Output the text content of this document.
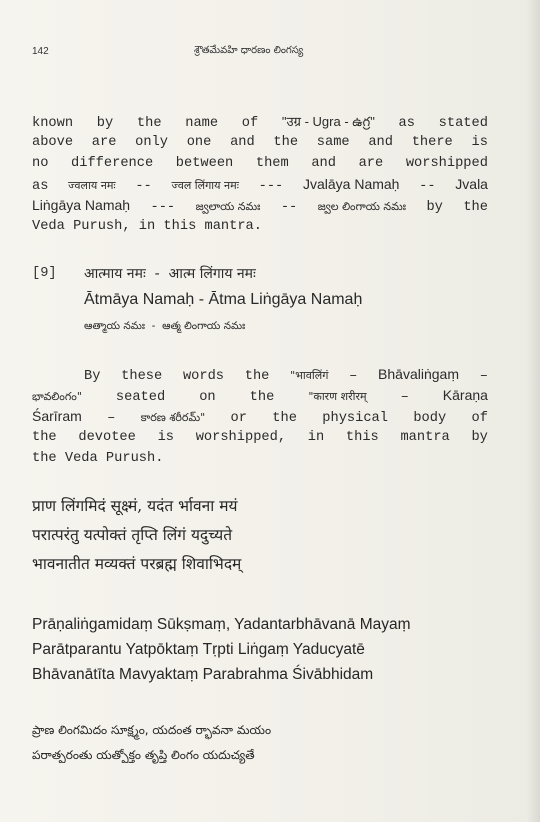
142	శ్రౌతమేవహి ధారణం లింగస్య
known by the name of "उग्र - Ugra - ఉగ్ర" as stated
above are only one and the same and there is
no difference between them and are worshipped
as ज्वलाय नमः -- ज्वल लिंगाय नमः --- Jvalāya Namaḥ -- Jvala
Liṅgāya Namaḥ --- జ్వలాయ నమః -- జ్వల లింగాయ నమః by the
Veda Purush, in this mantra.
[9] आत्माय नमः  -  आत्म लिंगाय नमः
Ātmāya Namaḥ - Ātma Liṅgāya Namaḥ
ఆత్మాయ నమః  -  ఆత్మ లింగాయ నమః
By these words the "भावलिंगं – Bhāvaliṅgaṃ –
భావలింగం" seated on the	"कारण शरीरम् – Kāraṇa
Śarīram – కారణ శరీరమ్" or the physical body of
the devotee is worshipped, in this mantra by
the Veda Purush.
प्राण लिंगमिदं सूक्ष्मं, यदंत र्भावना मयं
परात्परंतु यत्पोक्तं तृप्ति लिंगं यदुच्यते
भावनातीत मव्यक्तं परब्रह्म शिवाभिदम्
Prāṇaliṅgamidaṃ Sūkṣmaṃ, Yadantarbhāvanā Mayaṃ
Parātparantu Yatpōktaṃ Tṛpti Liṅgaṃ Yaducyatē
Bhāvanātīta Mavyaktaṃ Parabrahma Śivābhidam
ప్రాణ లింగమిదం సూక్ష్మం, యదంత ర్భావనా మయం
పరాత్పరంతు యత్పోక్తం తృప్తి లింగం యదుచ్యతే
